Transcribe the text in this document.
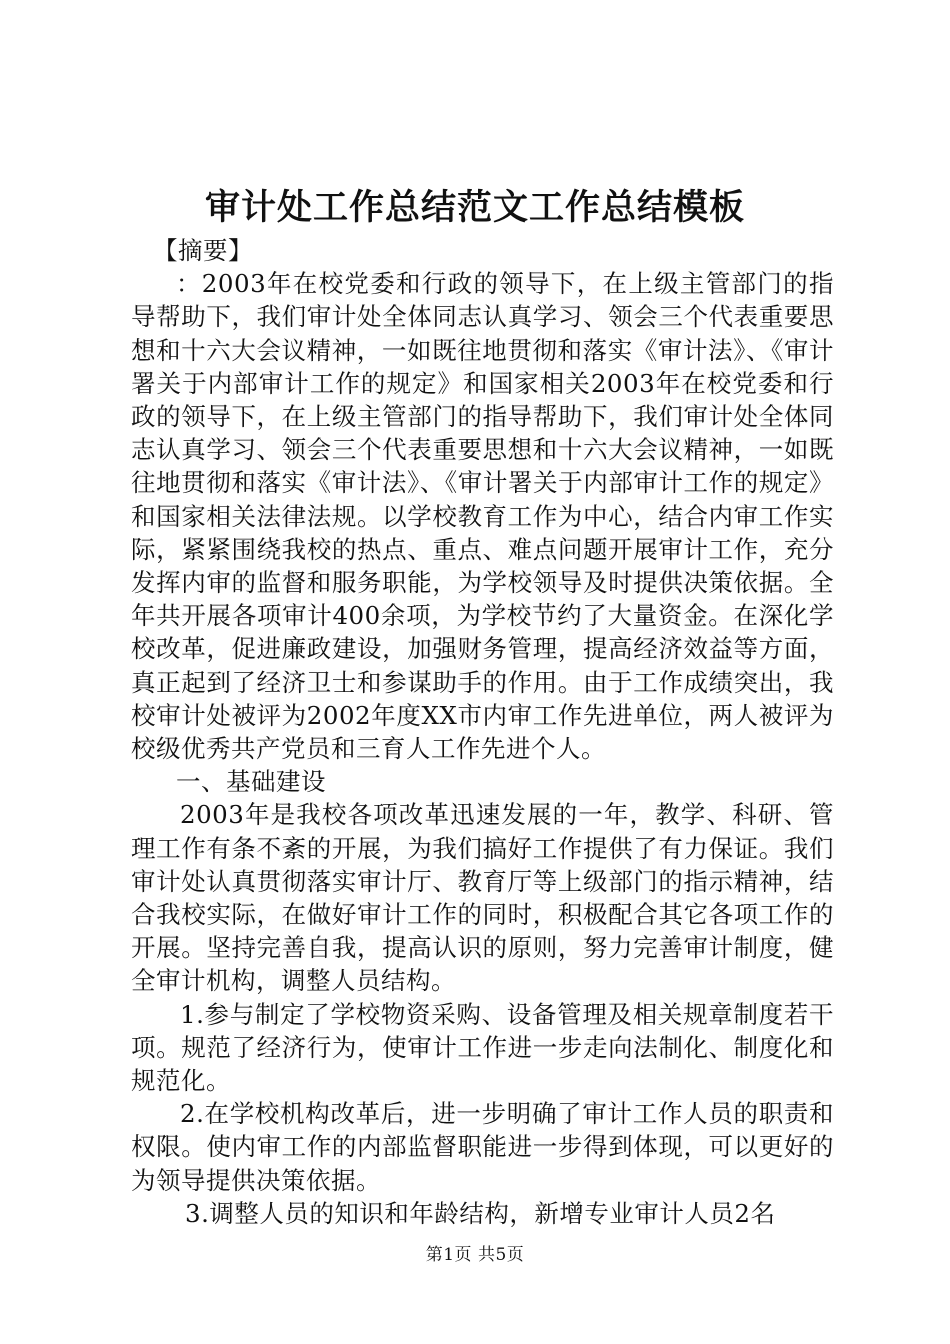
审计处工作总结范文工作总结模板

【摘要】

：2003年在校党委和行政的领导下，在上级主管部门的指导帮助下，我们审计处全体同志认真学习、领会三个代表重要思想和十六大会议精神，一如既往地贯彻和落实《审计法》、《审计署关于内部审计工作的规定》和国家相关2003年在校党委和行政的领导下，在上级主管部门的指导帮助下，我们审计处全体同志认真学习、领会三个代表重要思想和十六大会议精神，一如既往地贯彻和落实《审计法》、《审计署关于内部审计工作的规定》和国家相关法律法规。以学校教育工作为中心，结合内审工作实际，紧紧围绕我校的热点、重点、难点问题开展审计工作，充分发挥内审的监督和服务职能，为学校领导及时提供决策依据。全年共开展各项审计400余项，为学校节约了大量资金。在深化学校改革，促进廉政建设，加强财务管理，提高经济效益等方面，真正起到了经济卫士和参谋助手的作用。由于工作成绩突出，我校审计处被评为2002年度XX市内审工作先进单位，两人被评为校级优秀共产党员和三育人工作先进个人。

一、基础建设

2003年是我校各项改革迅速发展的一年，教学、科研、管理工作有条不紊的开展，为我们搞好工作提供了有力保证。我们审计处认真贯彻落实审计厅、教育厅等上级部门的指示精神，结合我校实际，在做好审计工作的同时，积极配合其它各项工作的开展。坚持完善自我，提高认识的原则，努力完善审计制度，健全审计机构，调整人员结构。

1.参与制定了学校物资采购、设备管理及相关规章制度若干项。规范了经济行为，使审计工作进一步走向法制化、制度化和规范化。

2.在学校机构改革后，进一步明确了审计工作人员的职责和权限。使内审工作的内部监督职能进一步得到体现，可以更好的为领导提供决策依据。

3.调整人员的知识和年龄结构，新增专业审计人员2名

第1页 共5页
